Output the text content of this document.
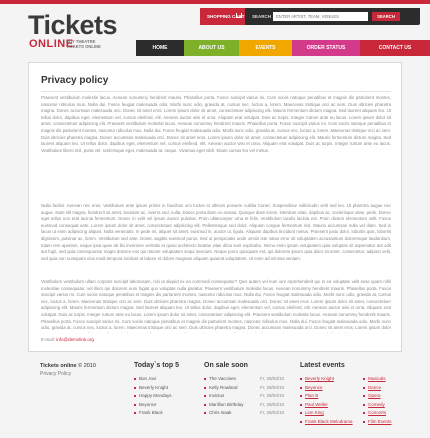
Tickets
ONLINE
BUY THEATRE TICKETS ONLINE
SHOPPING CART SEARCH
ENTER ARTIST, TEAM, VENUES	SEARCH
HOME	ABOUT US	EVENTS	ORDER STATUS	CONTACT US
Privacy policy

Praesent vestibulum molestie lacus. Aenean nonummy hendrerit mauris. Phasellus porta. Fusce suscipit varius mi. Cum sociis natoque penatibus et magnis dis parturient montes, nascetur ridiculus mus. Nulla dui. Fusce feugiat malesuada odio. Morbi nunc odio, gravida at, cursus nec, luctus a, lorem. Maecenas tristique orci ac sem. Duis ultricies pharetra magna. Donec accumsan malesuada orci. Donec sit amet eros. Lorem ipsum dolor sit amet, consectetuer adipiscing elit. Mauris fermentum dictum magna. Sed laoreet aliquam leo. Ut tellus dolor, dapibus eget, elementum vel, cursus eleifend, elit. Aenean auctor wisi et urna. Aliquam erat volutpat. Duis ac turpis. Integer rutrum ante eu lacus. Lorem ipsum dolor sit amet, consectetuer adipiscing elit. Praesent vestibulum molestie lacus. Aenean nonummy hendrerit mauris. Phasellus porta. Fusce suscipit varius mi. Cum sociis natoque penatibus et magnis dis parturient montes, nascetur ridiculus mus. Nulla dui. Fusce feugiat malesuada odio. Morbi nunc odio, gravida at, cursus nec, luctus a, lorem. Maecenas tristique orci ac sem. Duis ultricies pharetra magna. Donec accumsan malesuada orci. Donec sit amet eros. Lorem ipsum dolor sit amet, consectetuer adipiscing elit. Mauris fermentum dictum magna. Sed laoreet aliquam leo. Ut tellus dolor, dapibus eget, elementum vel, cursus eleifend, elit. Aenean auctor wisi et urna. Aliquam erat volutpat. Duis ac turpis. Integer rutrum ante eu lacus. Vestibulum libero nisl, porta vel, scelerisque eget, malesuada at, neque. Vivamus eget nibh. Etiam cursus leo vel metus.

Nulla facilisi. Aenean nec eros. Vestibulum ante ipsum primis in faucibus orci luctus et ultrices posuere cubilia Curae; Suspendisse sollicitudin velit sed leo. Ut pharetra augue nec augue. Nam elit magna, hendrerit sit amet, tincidunt ac, viverra sed, nulla. Donec porta diam eu massa. Quisque diam lorem, interdum vitae, dapibus ac, scelerisque vitae, pede. Donec eget tellus non erat lacinia fermentum. Donec in velit vel ipsum auctor pulvinar. Proin ullamcorper urna et felis. Vestibulum iaculis lacinia est. Proin dictum elementum velit. Fusce euismod consequat ante. Lorem ipsum dolor sit amet, consectetuer adipiscing elit. Pellentesque sed dolor. Aliquam congue fermentum nisl. Mauris accumsan nulla vel diam. Sed in lacus ut enim adipiscing aliquet. Nulla venenatis. In pede mi, aliquet sit amet, euismod in, auctor ut, ligula. Aliquam dapibus tincidunt metus. Praesent justo dolor, lobortis quis, lobortis dignissim, pulvinar ac, lorem. Vestibulum sed ante. Donec sagittis euismod purus. Sed ut perspiciatis unde omnis iste natus error sit voluptatem accusantium doloremque laudantium, totam rem aperiam, eaque ipsa quae ab illo inventore veritatis et quasi architecto beatae vitae dicta sunt explicabo. Nemo enim ipsam voluptatem quia voluptas sit aspernatur aut odit aut fugit, sed quia consequuntur magni dolores eos qui ratione voluptatem sequi nesciunt. Neque porro quisquam est, qui dolorem ipsum quia dolor sit amet, consectetur, adipisci velit, sed quia non numquam eius modi tempora incidunt ut labore et dolore magnam aliquam quaerat voluptatem. Ut enim ad minima veniam.

Vestibulum vestibulum ullam corporis suscipit laboriosam, nisi ut aliquid ex ea commodi consequatur? Quis autem vel eum iure reprehenderit qui in ea voluptate velit esse quam nihil molestiae consequatur, vel illum qui dolorem eum fugiat quo voluptas nulla pariatur. Praesent vestibulum molestie lacus. Aenean nonummy hendrerit mauris. Phasellus porta. Fusce suscipit varius mi. Cum sociis natoque penatibus et magnis dis parturient montes, nascetur ridiculus mus. Nulla dui. Fusce feugiat malesuada odio. Morbi nunc odio, gravida at, cursus nec, luctus a, lorem. Maecenas tristique orci ac sem. Duis ultricies pharetra magna. Donec accumsan malesuada orci. Donec sit amet eros. Lorem ipsum dolor sit amet, consectetuer adipiscing elit. Mauris fermentum dictum magna. Sed laoreet aliquam leo. Ut tellus dolor, dapibus eget, elementum vel, cursus eleifend, elit. Aenean auctor wisi et urna. Aliquam erat volutpat. Duis ac turpis. Integer rutrum ante eu lacus. Lorem ipsum dolor sit amet, consectetuer adipiscing elit. Praesent vestibulum molestie lacus. Aenean nonummy hendrerit mauris. Phasellus porta. Fusce suscipit varius mi. Cum sociis natoque penatibus et magnis dis parturient montes, nascetur ridiculus mus. Nulla dui. Fusce feugiat malesuada odio. Morbi nunc odio, gravida at, cursus nec, luctus a, lorem. Maecenas tristique orci ac sem. Duis ultricies pharetra magna. Donec accumsan malesuada orci. Donec sit amet eros. Lorem ipsum dolor

E-mail: info@demolink.org
Tickets online © 2010
Privacy Policy
Today`s top 5
Bon Jovi
Beverly Knight
Happy Mondays
Beyonce
Frank Black
On sale soon
The Vaccines	Fr, 29/03/10
Kelly Rowland	Fr, 29/03/10
Invictus	Fr, 29/03/10
Marillion Birthday	Fr, 29/03/10
Chris Isaak	Fr, 29/03/10
Latest events
Beverly Knight
Beyonce
Plan B
Paul Weller
Lion King
Frank Black Melodrama
Musicals
Dance
Opera
Comedy
Concerts
Film Events
